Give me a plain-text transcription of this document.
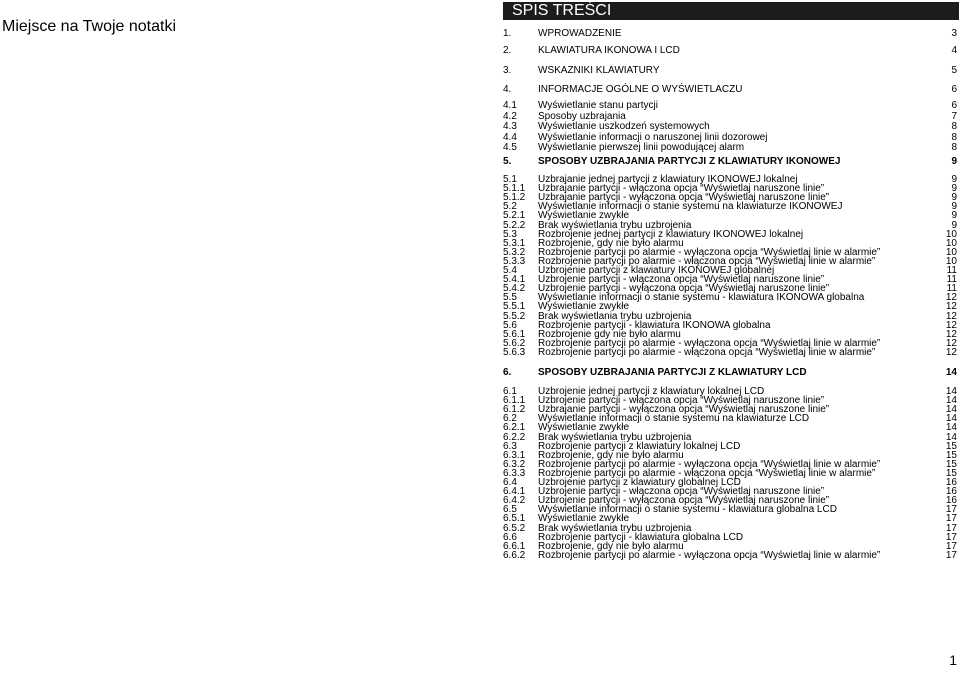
Miejsce na Twoje notatki
SPIS TREŚCI
1.	WPROWADZENIE	3
2.	KLAWIATURA IKONOWA I LCD	4
3.	WSKAZNIKI KLAWIATURY	5
4.	INFORMACJE OGÓLNE O WYŚWIETLACZU	6
4.1 Wyświetlanie stanu partycji	6
4.2 Sposoby uzbrajania	7
4.3 Wyświetlanie uszkodzeń systemowych	8
4.4 Wyświetlanie informacji o naruszonej linii dozorowej	8
4.5 Wyświetlanie pierwszej linii powodującej alarm	8
5.	SPOSOBY UZBRAJANIA PARTYCJI Z KLAWIATURY IKONOWEJ	9
5.1 Uzbrajanie jednej partycji z klawiatury IKONOWEJ lokalnej	9
5.1.1 Uzbrajanie partycji - włączona opcja “Wyświetlaj naruszone linie”	9
5.1.2 Uzbrajanie partycji - wyłączona opcja “Wyświetlaj naruszone linie”	9
5.2 Wyświetlanie informacji o stanie systemu na klawiaturze IKONOWEJ	9
5.2.1 Wyświetlanie zwykłe	9
5.2.2 Brak wyświetlania trybu uzbrojenia	9
5.3 Rozbrojenie jednej partycji z klawiatury IKONOWEJ lokalnej	10
5.3.1 Rozbrojenie, gdy nie było alarmu	10
5.3.2 Rozbrojenie partycji po alarmie - wyłączona opcja “Wyświetlaj linie w alarmie”	10
5.3.3 Rozbrojenie partycji po alarmie - włączona opcja “Wyświetlaj linie w alarmie”	10
5.4 Uzbrojenie partycji z klawiatury IKONOWEJ globalnej	11
5.4.1 Uzbrojenie partycji - włączona opcja “Wyświetlaj naruszone linie”	11
5.4.2 Uzbrojenie partycji - wyłączona opcja “Wyświetlaj naruszone linie”	11
5.5 Wyświetlanie informacji o stanie systemu - klawiatura IKONOWA globalna	12
5.5.1 Wyświetlanie zwykłe	12
5.5.2 Brak wyświetlania trybu uzbrojenia	12
5.6 Rozbrojenie partycji - klawiatura IKONOWA globalna	12
5.6.1 Rozbrojenie gdy nie było alarmu	12
5.6.2 Rozbrojenie partycji po alarmie - wyłączona opcja “Wyświetlaj linie w alarmie”	12
5.6.3 Rozbrojenie partycji po alarmie - włączona opcja “Wyświetlaj linie w alarmie”	12
6.	SPOSOBY UZBRAJANIA PARTYCJI Z KLAWIATURY LCD	14
6.1 Uzbrojenie jednej partycji z klawiatury lokalnej LCD	14
6.1.1 Uzbrojenie partycji - włączona opcja “Wyświetlaj naruszone linie”	14
6.1.2 Uzbrajanie partycji - wyłączona opcja “Wyświetlaj naruszone linie”	14
6.2 Wyświetlanie informacji o stanie systemu na klawiaturze LCD	14
6.2.1 Wyświetlanie zwykłe	14
6.2.2 Brak wyświetlania trybu uzbrojenia	14
6.3 Rozbrojenie partycji z klawiatury lokalnej LCD	15
6.3.1 Rozbrojenie, gdy nie było alarmu	15
6.3.2 Rozbrojenie partycji po alarmie - wyłączona opcja “Wyświetlaj linie w alarmie”	15
6.3.3 Rozbrojenie partycji po alarmie - włączona opcja “Wyświetlaj linie w alarmie”	15
6.4 Uzbrojenie partycji z klawiatury globalnej LCD	16
6.4.1 Uzbrojenie partycji - włączona opcja “Wyświetlaj naruszone linie”	16
6.4.2 Uzbrojenie partycji - wyłączona opcja “Wyświetlaj naruszone linie”	16
6.5 Wyświetlanie informacji o stanie systemu - klawiatura globalna LCD	17
6.5.1 Wyświetlanie zwykłe	17
6.5.2 Brak wyświetlania trybu uzbrojenia	17
6.6 Rozbrojenie partycji - klawiatura globalna LCD	17
6.6.1 Rozbrojenie, gdy nie było alarmu	17
6.6.2 Rozbrojenie partycji po alarmie - wyłączona opcja “Wyświetlaj linie w alarmie”	17
1
